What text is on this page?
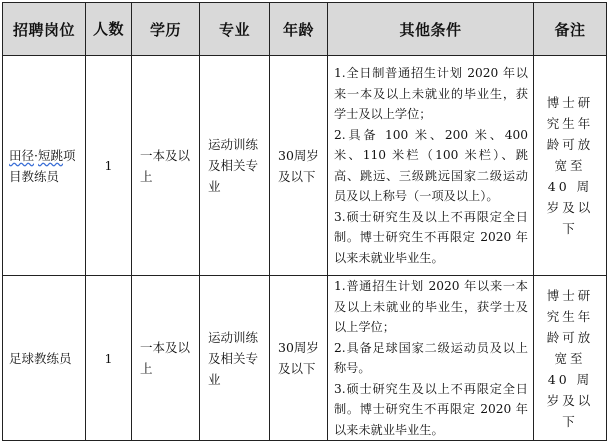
招聘岗位	人数	学历	专业	年龄	其他条件	备注
田径·短跳项目教练员	1	一本及以上	运动训练及相关专业	30周岁及以下	1.全日制普通招生计划 2020 年以来一本及以上未就业的毕业生，获学士及以上学位；
2.具备 100 米、200 米、400 米、110 米栏（100 米栏）、跳高、跳远、三级跳远国家二级运动员及以上称号（一项及以上）。
3.硕士研究生及以上不再限定全日制。博士研究生不再限定 2020 年以来未就业毕业生。	博士研究生年龄可放宽至 40 周岁及以下
足球教练员	1	一本及以上	运动训练及相关专业	30周岁及以下	1.普通招生计划 2020 年以来一本及以上未就业的毕业生，获学士及以上学位；
2.具备足球国家二级运动员及以上称号。
3.硕士研究生及以上不再限定全日制。博士研究生不再限定 2020 年以来未就业毕业生。	博士研究生年龄可放宽至 40 周岁及以下
